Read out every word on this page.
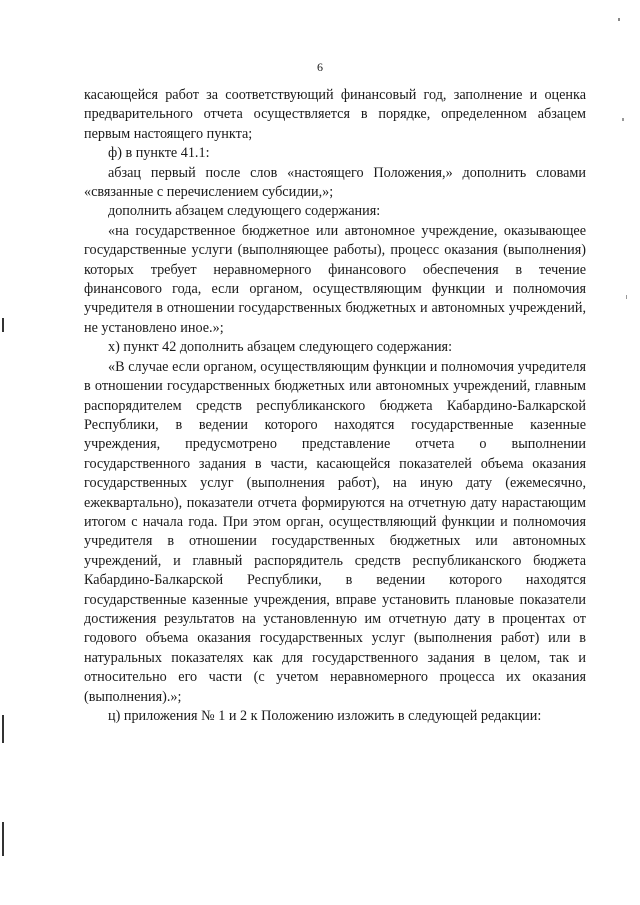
6

касающейся работ за соответствующий финансовый год, заполнение и оценка предварительного отчета осуществляется в порядке, определенном абзацем первым настоящего пункта;

ф) в пункте 41.1:

абзац первый после слов «настоящего Положения,» дополнить словами «связанные с перечислением субсидии,»;

дополнить абзацем следующего содержания:

«на государственное бюджетное или автономное учреждение, оказывающее государственные услуги (выполняющее работы), процесс оказания (выполнения) которых требует неравномерного финансового обеспечения в течение финансового года, если органом, осуществляющим функции и полномочия учредителя в отношении государственных бюджетных и автономных учреждений, не установлено иное.»;

х) пункт 42 дополнить абзацем следующего содержания:

«В случае если органом, осуществляющим функции и полномочия учредителя в отношении государственных бюджетных или автономных учреждений, главным распорядителем средств республиканского бюджета Кабардино-Балкарской Республики, в ведении которого находятся государственные казенные учреждения, предусмотрено представление отчета о выполнении государственного задания в части, касающейся показателей объема оказания государственных услуг (выполнения работ), на иную дату (ежемесячно, ежеквартально), показатели отчета формируются на отчетную дату нарастающим итогом с начала года. При этом орган, осуществляющий функции и полномочия учредителя в отношении государственных бюджетных или автономных учреждений, и главный распорядитель средств республиканского бюджета Кабардино-Балкарской Республики, в ведении которого находятся государственные казенные учреждения, вправе установить плановые показатели достижения результатов на установленную им отчетную дату в процентах от годового объема оказания государственных услуг (выполнения работ) или в натуральных показателях как для государственного задания в целом, так и относительно его части (с учетом неравномерного процесса их оказания (выполнения).»;

ц) приложения № 1 и 2 к Положению изложить в следующей редакции:
